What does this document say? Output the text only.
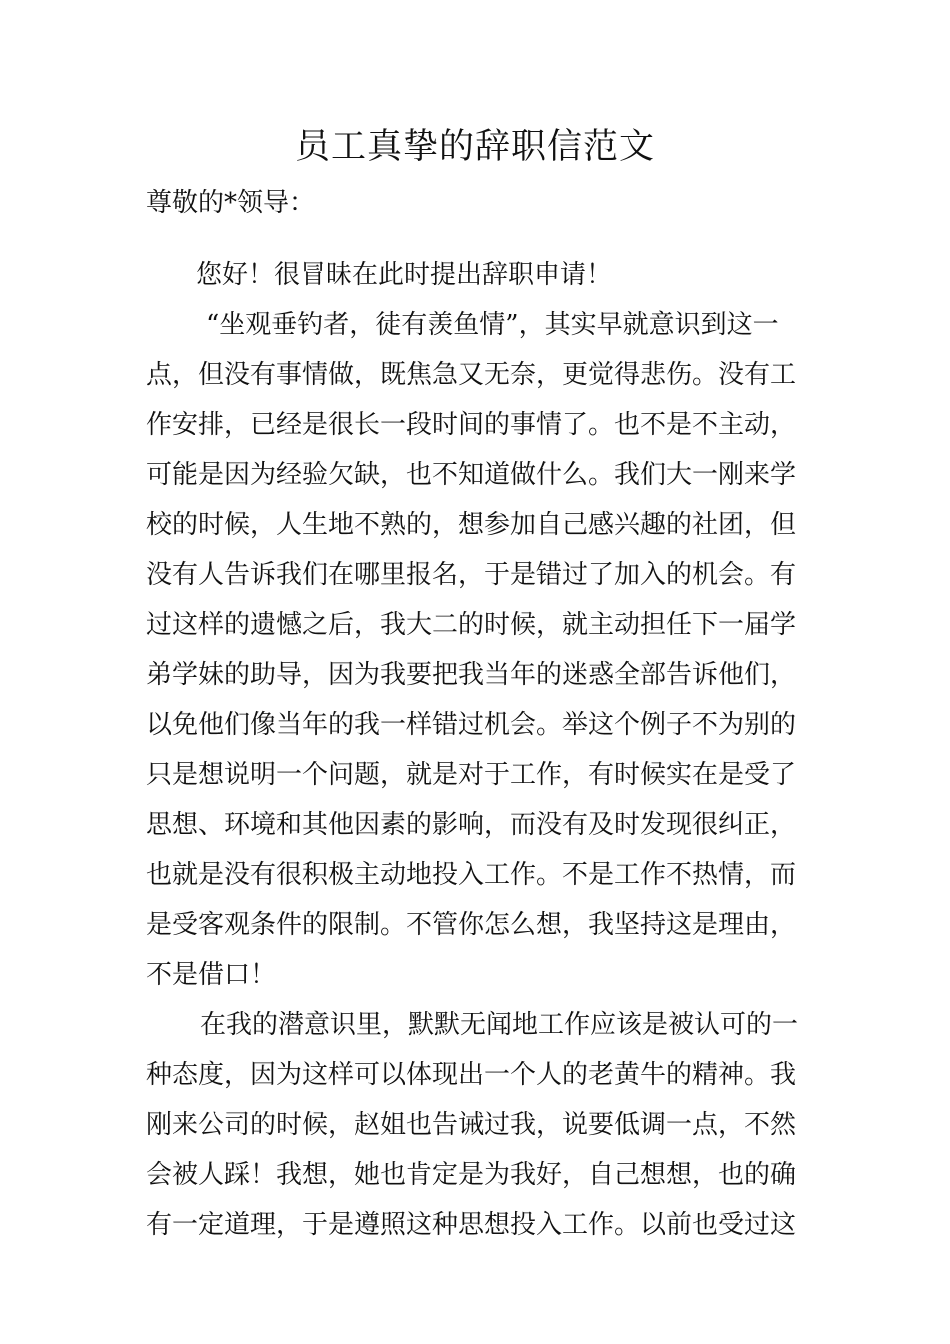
员工真挚的辞职信范文
尊敬的*领导：
您好！很冒昧在此时提出辞职申请！
“坐观垂钓者，徒有羡鱼情”，其实早就意识到这一
点，但没有事情做，既焦急又无奈，更觉得悲伤。没有工
作安排，已经是很长一段时间的事情了。也不是不主动，
可能是因为经验欠缺，也不知道做什么。我们大一刚来学
校的时候，人生地不熟的，想参加自己感兴趣的社团，但
没有人告诉我们在哪里报名，于是错过了加入的机会。有
过这样的遗憾之后，我大二的时候，就主动担任下一届学
弟学妹的助导，因为我要把我当年的迷惑全部告诉他们，
以免他们像当年的我一样错过机会。举这个例子不为别的
只是想说明一个问题，就是对于工作，有时候实在是受了
思想、环境和其他因素的影响，而没有及时发现很纠正，
也就是没有很积极主动地投入工作。不是工作不热情，而
是受客观条件的限制。不管你怎么想，我坚持这是理由，
不是借口！
在我的潜意识里，默默无闻地工作应该是被认可的一
种态度，因为这样可以体现出一个人的老黄牛的精神。我
刚来公司的时候，赵姐也告诫过我，说要低调一点，不然
会被人踩！我想，她也肯定是为我好，自己想想，也的确
有一定道理，于是遵照这种思想投入工作。以前也受过这
